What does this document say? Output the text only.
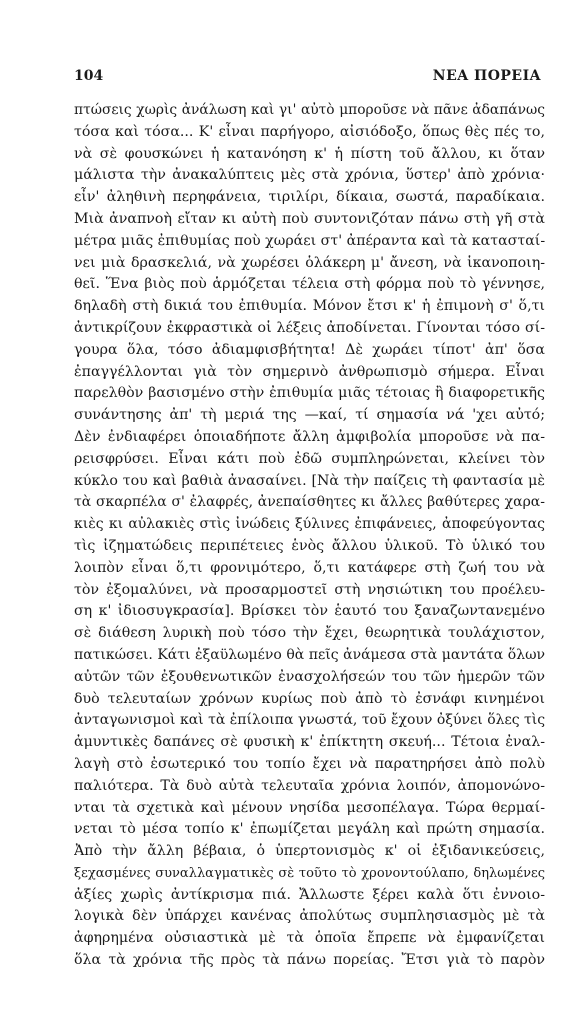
104	ΝΕΑ ΠΟΡΕΙΑ
πτώσεις χωρὶς ἀνάλωση καὶ γι' αὐτὸ μποροῦσε νὰ πᾶνε ἀδαπάνως
τόσα καὶ τόσα... Κ' εἶναι παρήγορο, αἰσιόδοξο, ὅπως θὲς πές το,
νὰ σὲ φουσκώνει ἡ κατανόηση κ' ἡ πίστη τοῦ ἄλλου, κι ὅταν
μάλιστα τὴν ἀνακαλύπτεις μὲς στὰ χρόνια, ὕστερ' ἀπὸ χρόνια·
εἶν' ἀληθινὴ περηφάνεια, τιριλίρι, δίκαια, σωστά, παραδίκαια.
Μιὰ ἀναπνοὴ εἴταν κι αὐτὴ ποὺ συντονιζόταν πάνω στὴ γῆ στὰ
μέτρα μιᾶς ἐπιθυμίας ποὺ χωράει στ' ἀπέραντα καὶ τὰ κατασταί-
νει μιὰ δρασκελιά, νὰ χωρέσει ὁλάκερη μ' ἄνεση, νὰ ἱκανοποιη-
θεῖ. Ἕνα βιὸς ποὺ ἁρμόζεται τέλεια στὴ φόρμα ποὺ τὸ γέννησε,
δηλαδὴ στὴ δικιά του ἐπιθυμία. Μόνον ἔτσι κ' ἡ ἐπιμονὴ σ' ὅ,τι
ἀντικρίζουν ἐκφραστικὰ οἱ λέξεις ἀποδίνεται. Γίνονται τόσο σί-
γουρα ὅλα, τόσο ἀδιαμφισβήτητα! Δὲ χωράει τίποτ' ἀπ' ὅσα
ἐπαγγέλλονται γιὰ τὸν σημερινὸ ἀνθρωπισμὸ σήμερα. Εἶναι
παρελθὸν βασισμένο στὴν ἐπιθυμία μιᾶς τέτοιας ἢ διαφορετικῆς
συνάντησης ἀπ' τὴ μεριά της —καί, τί σημασία νά 'χει αὐτό;
Δὲν ἐνδιαφέρει ὁποιαδήποτε ἄλλη ἀμφιβολία μποροῦσε νὰ πα-
ρεισφρύσει. Εἶναι κάτι ποὺ ἐδῶ συμπληρώνεται, κλείνει τὸν
κύκλο του καὶ βαθιὰ ἀνασαίνει. [Νὰ τὴν παίζεις τὴ φαντασία μὲ
τὰ σκαρπέλα σ' ἐλαφρές, ἀνεπαίσθητες κι ἄλλες βαθύτερες χαρα-
κιὲς κι αὐλακιὲς στὶς ἰνώδεις ξύλινες ἐπιφάνειες, ἀποφεύγοντας
τὶς ἰζηματώδεις περιπέτειες ἑνὸς ἄλλου ὑλικοῦ. Τὸ ὑλικό του
λοιπὸν εἶναι ὅ,τι φρονιμότερο, ὅ,τι κατάφερε στὴ ζωή του νὰ
τὸν ἐξομαλύνει, νὰ προσαρμοστεῖ στὴ νησιώτικη του προέλευ-
ση κ' ἰδιοσυγκρασία]. Βρίσκει τὸν ἑαυτό του ξαναζωντανεμένο
σὲ διάθεση λυρικὴ ποὺ τόσο τὴν ἔχει, θεωρητικὰ τουλάχιστον,
πατικώσει. Κάτι ἐξαϋλωμένο θὰ πεῖς ἀνάμεσα στὰ μαντάτα ὅλων
αὐτῶν τῶν ἐξουθενωτικῶν ἐνασχολήσεών του τῶν ἡμερῶν τῶν
δυὸ τελευταίων χρόνων κυρίως ποὺ ἀπὸ τὸ ἐσνάφι κινημένοι
ἀνταγωνισμοὶ καὶ τὰ ἐπίλοιπα γνωστά, τοῦ ἔχουν ὀξύνει ὅλες τὶς
ἀμυντικὲς δαπάνες σὲ φυσικὴ κ' ἐπίκτητη σκευή... Τέτοια ἐναλ-
λαγὴ στὸ ἐσωτερικό του τοπίο ἔχει νὰ παρατηρήσει ἀπὸ πολὺ
παλιότερα. Τὰ δυὸ αὐτὰ τελευταῖα χρόνια λοιπόν, ἀπομονώνο-
νται τὰ σχετικὰ καὶ μένουν νησίδα μεσοπέλαγα. Τώρα θερμαί-
νεται τὸ μέσα τοπίο κ' ἐπωμίζεται μεγάλη καὶ πρώτη σημασία.
Ἀπὸ τὴν ἄλλη βέβαια, ὁ ὑπερτονισμὸς κ' οἱ ἐξιδανικεύσεις,
ξεχασμένες συναλλαγματικὲς σὲ τοῦτο τὸ χρονοντούλαπο, δηλωμένες
ἀξίες χωρὶς ἀντίκρισμα πιά. Ἄλλωστε ξέρει καλὰ ὅτι ἐννοιο-
λογικὰ δὲν ὑπάρχει κανένας ἀπολύτως συμπλησιασμὸς μὲ τὰ
ἀφηρημένα οὐσιαστικὰ μὲ τὰ ὁποῖα ἔπρεπε νὰ ἐμφανίζεται
ὅλα τὰ χρόνια τῆς πρὸς τὰ πάνω πορείας. Ἔτσι γιὰ τὸ παρὸν
